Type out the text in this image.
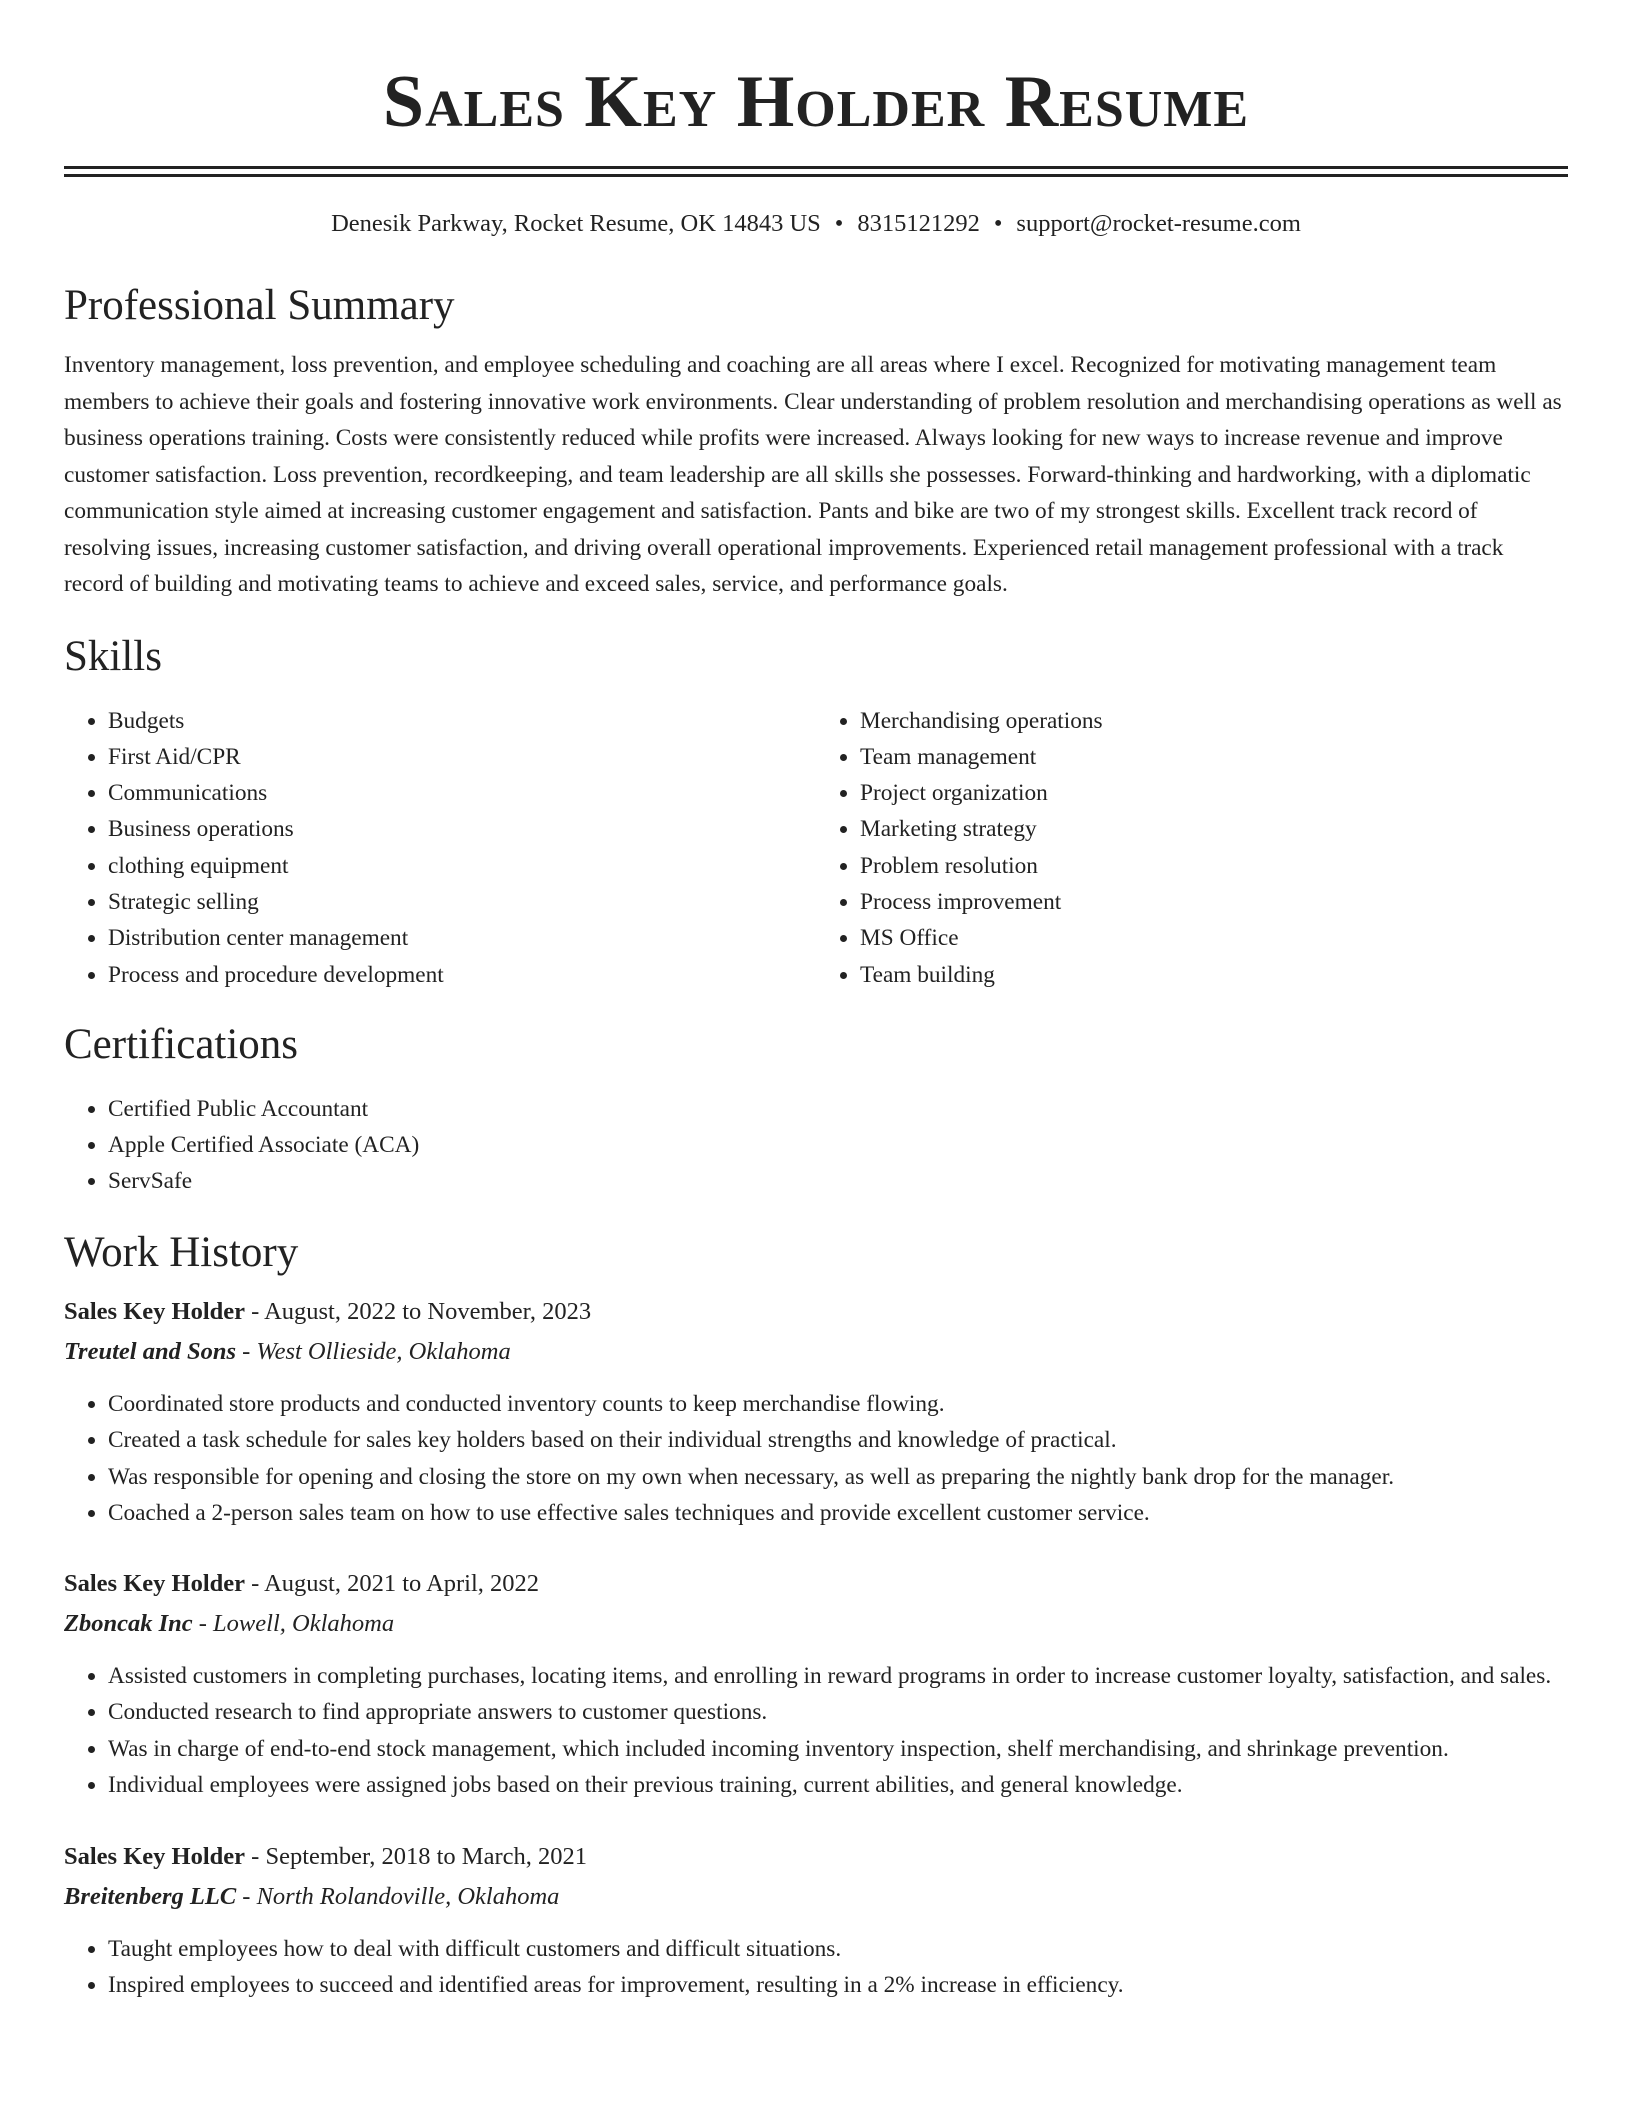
Sales Key Holder Resume
Denesik Parkway, Rocket Resume, OK 14843 US • 8315121292 • support@rocket-resume.com
Professional Summary

Inventory management, loss prevention, and employee scheduling and coaching are all areas where I excel. Recognized for motivating management team members to achieve their goals and fostering innovative work environments. Clear understanding of problem resolution and merchandising operations as well as business operations training. Costs were consistently reduced while profits were increased. Always looking for new ways to increase revenue and improve customer satisfaction. Loss prevention, recordkeeping, and team leadership are all skills she possesses. Forward-thinking and hardworking, with a diplomatic communication style aimed at increasing customer engagement and satisfaction. Pants and bike are two of my strongest skills. Excellent track record of resolving issues, increasing customer satisfaction, and driving overall operational improvements. Experienced retail management professional with a track record of building and motivating teams to achieve and exceed sales, service, and performance goals.

Skills
• Budgets
• First Aid/CPR
• Communications
• Business operations
• clothing equipment
• Strategic selling
• Distribution center management
• Process and procedure development
• Merchandising operations
• Team management
• Project organization
• Marketing strategy
• Problem resolution
• Process improvement
• MS Office
• Team building
Certifications
• Certified Public Accountant
• Apple Certified Associate (ACA)
• ServSafe
Work History
Sales Key Holder - August, 2022 to November, 2023
Treutel and Sons - West Ollieside, Oklahoma
• Coordinated store products and conducted inventory counts to keep merchandise flowing.
• Created a task schedule for sales key holders based on their individual strengths and knowledge of practical.
• Was responsible for opening and closing the store on my own when necessary, as well as preparing the nightly bank drop for the manager.
• Coached a 2-person sales team on how to use effective sales techniques and provide excellent customer service.
Sales Key Holder - August, 2021 to April, 2022
Zboncak Inc - Lowell, Oklahoma
• Assisted customers in completing purchases, locating items, and enrolling in reward programs in order to increase customer loyalty, satisfaction, and sales.
• Conducted research to find appropriate answers to customer questions.
• Was in charge of end-to-end stock management, which included incoming inventory inspection, shelf merchandising, and shrinkage prevention.
• Individual employees were assigned jobs based on their previous training, current abilities, and general knowledge.
Sales Key Holder - September, 2018 to March, 2021
Breitenberg LLC - North Rolandoville, Oklahoma
• Taught employees how to deal with difficult customers and difficult situations.
• Inspired employees to succeed and identified areas for improvement, resulting in a 2% increase in efficiency.
